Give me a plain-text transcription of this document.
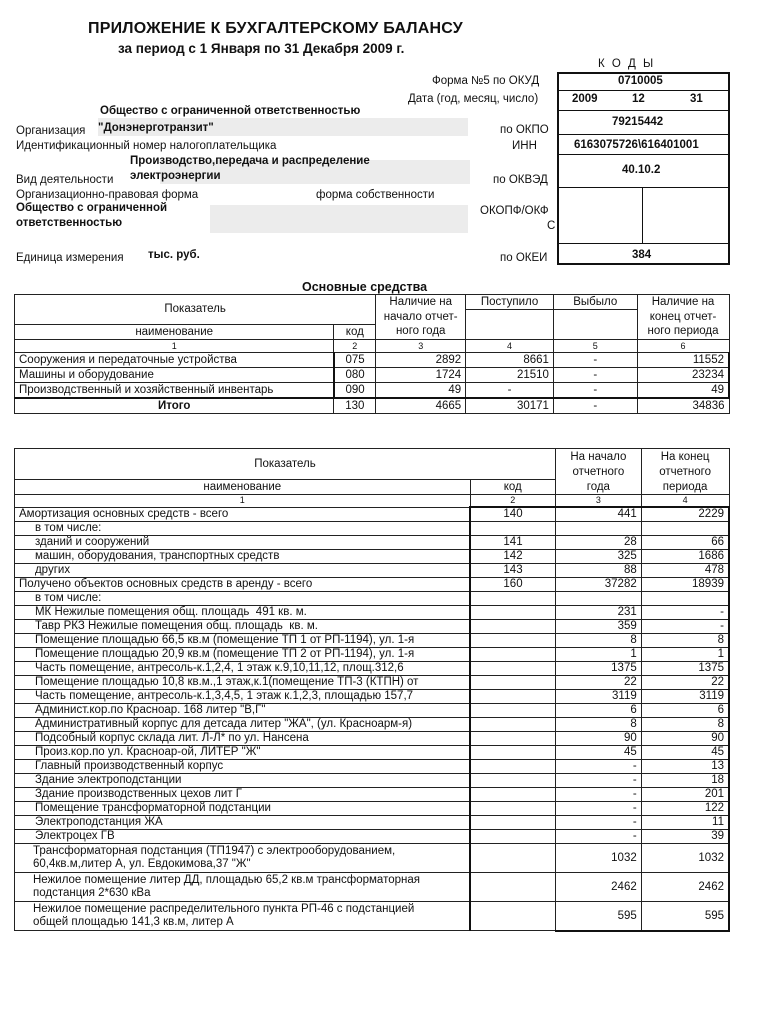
ПРИЛОЖЕНИЕ К БУХГАЛТЕРСКОМУ БАЛАНСУ
за период с 1 Января по 31 Декабря 2009 г.
К О Д Ы
Форма №5 по ОКУД	0710005
Дата (год, месяц, число)	2009	12	31
по ОКПО
79215442
ИНН	6163075726\616401001
по ОКВЭД
40.10.2
ОКОПФ/ОКФ
С
по ОКЕИ	384
Общество с ограниченной ответственностью
Организация "Донэнерготранзит"
Идентификационный номер налогоплательщика
Производство,передача и распределение
электроэнергии
Вид деятельности
Организационно-правовая форма	форма собственности
Общество с ограниченной
ответственностью
Единица измерения тыс. руб.
Основные средства
Показатель		Наличие на	Поступило	Выбыло	Наличие на
		начало отчет-			конец отчет-
наименование	код	ного года			ного периода
1	2	3	4	5	6
Сооружения и передаточные устройства	075	2892	8661	-	11552
Машины и оборудование	080	1724	21510	-	23234
Производственный и хозяйственный инвентарь	090	49	-	-	49
Итого	130	4665	30171	-	34836
Показатель		На начало	На конец
		отчетного	отчетного
наименование	код	года	периода
1	2	3	4
Амортизация основных средств - всего	140	441	2229
в том числе:			
зданий и сооружений	141	28	66
машин, оборудования, транспортных средств	142	325	1686
других	143	88	478
Получено объектов основных средств в аренду - всего	160	37282	18939
в том числе:			
МК Нежилые помещения общ. площадь  491 кв. м.		231	-
Тавр РКЗ Нежилые помещения общ. площадь  кв. м.		359	-
Помещение площадью 66,5 кв.м (помещение ТП 1 от РП-1194), ул. 1-я		8	8
Помещение площадью 20,9 кв.м (помещение ТП 2 от РП-1194), ул. 1-я		1	1
Часть помещение, антресоль-к.1,2,4, 1 этаж к.9,10,11,12, площ.312,6		1375	1375
Помещение площадью 10,8 кв.м.,1 этаж,к.1(помещение ТП-3 (КТПН) от		22	22
Часть помещение, антресоль-к.1,3,4,5, 1 этаж к.1,2,3, площадью 157,7		3119	3119
Админист.кор.по Красноар. 168 литер "В,Г"		6	6
Административный корпус для детсада литер "ЖА", (ул. Красноарм-я)		8	8
Подсобный корпус склада лит. Л-Л* по ул. Нансена		90	90
Произ.кор.по ул. Красноар-ой, ЛИТЕР "Ж"		45	45
Главный производственный корпус		-	13
Здание электроподстанции		-	18
Здание производственных цехов лит Г		-	201
Помещение трансформаторной подстанции		-	122
Электроподстанция ЖА		-	11
Электроцех ГВ		-	39

Трансформаторная подстанция (ТП1947) с электрооборудованием,
60,4кв.м,литер А, ул. Евдокимова,37 "Ж"		1032	1032

Нежилое помещение литер ДД, площадью 65,2 кв.м трансформаторная
подстанция 2*630 кВа		2462	2462

Нежилое помещение распределительного пункта РП-46 с подстанцией
общей площадью 141,3 кв.м, литер А		595	595
